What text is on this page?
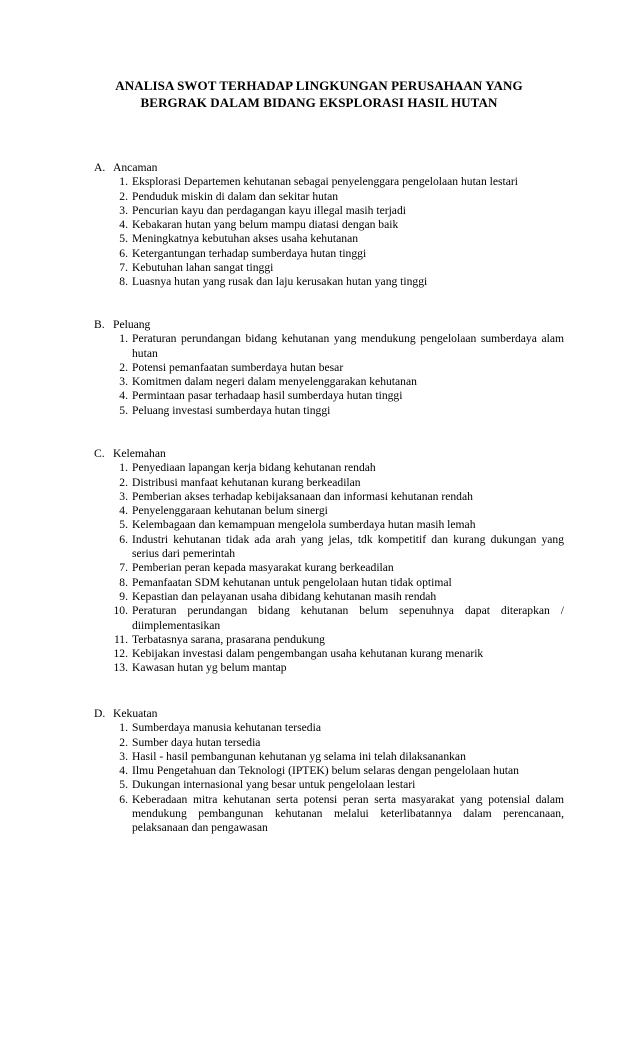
ANALISA SWOT TERHADAP LINGKUNGAN PERUSAHAAN YANG
BERGRAK DALAM BIDANG EKSPLORASI HASIL HUTAN
A. Ancaman
1. Eksplorasi Departemen kehutanan sebagai penyelenggara pengelolaan hutan lestari
2. Penduduk miskin di dalam dan sekitar hutan
3. Pencurian kayu dan perdagangan kayu illegal masih terjadi
4. Kebakaran hutan yang belum mampu diatasi dengan baik
5. Meningkatnya kebutuhan akses usaha kehutanan
6. Ketergantungan terhadap sumberdaya hutan tinggi
7. Kebutuhan lahan sangat tinggi
8. Luasnya hutan yang rusak dan laju kerusakan hutan yang tinggi
B. Peluang
1. Peraturan perundangan bidang kehutanan yang mendukung pengelolaan sumberdaya alam hutan
2. Potensi pemanfaatan sumberdaya hutan besar
3. Komitmen dalam negeri dalam menyelenggarakan kehutanan
4. Permintaan pasar terhadaap hasil sumberdaya hutan tinggi
5. Peluang investasi sumberdaya hutan tinggi
C. Kelemahan
1. Penyediaan lapangan kerja bidang kehutanan rendah
2. Distribusi manfaat kehutanan kurang berkeadilan
3. Pemberian akses terhadap kebijaksanaan dan informasi kehutanan rendah
4. Penyelenggaraan kehutanan belum sinergi
5. Kelembagaan dan kemampuan mengelola sumberdaya hutan masih lemah
6. Industri kehutanan tidak ada arah yang jelas, tdk kompetitif dan kurang dukungan yang serius dari pemerintah
7. Pemberian peran kepada masyarakat kurang berkeadilan
8. Pemanfaatan SDM kehutanan untuk pengelolaan hutan tidak optimal
9. Kepastian dan pelayanan usaha dibidang kehutanan masih rendah
10. Peraturan perundangan bidang kehutanan belum sepenuhnya dapat diterapkan / diimplementasikan
11. Terbatasnya sarana, prasarana pendukung
12. Kebijakan investasi dalam pengembangan usaha kehutanan kurang menarik
13. Kawasan hutan yg belum mantap
D. Kekuatan
1. Sumberdaya manusia kehutanan tersedia
2. Sumber daya hutan tersedia
3. Hasil - hasil pembangunan kehutanan yg selama ini telah dilaksanankan
4. Ilmu Pengetahuan dan Teknologi (IPTEK) belum selaras dengan pengelolaan hutan
5. Dukungan internasional yang besar untuk pengelolaan lestari
6. Keberadaan mitra kehutanan serta potensi peran serta masyarakat yang potensial dalam mendukung pembangunan kehutanan melalui keterlibatannya dalam perencanaan, pelaksanaan dan pengawasan
